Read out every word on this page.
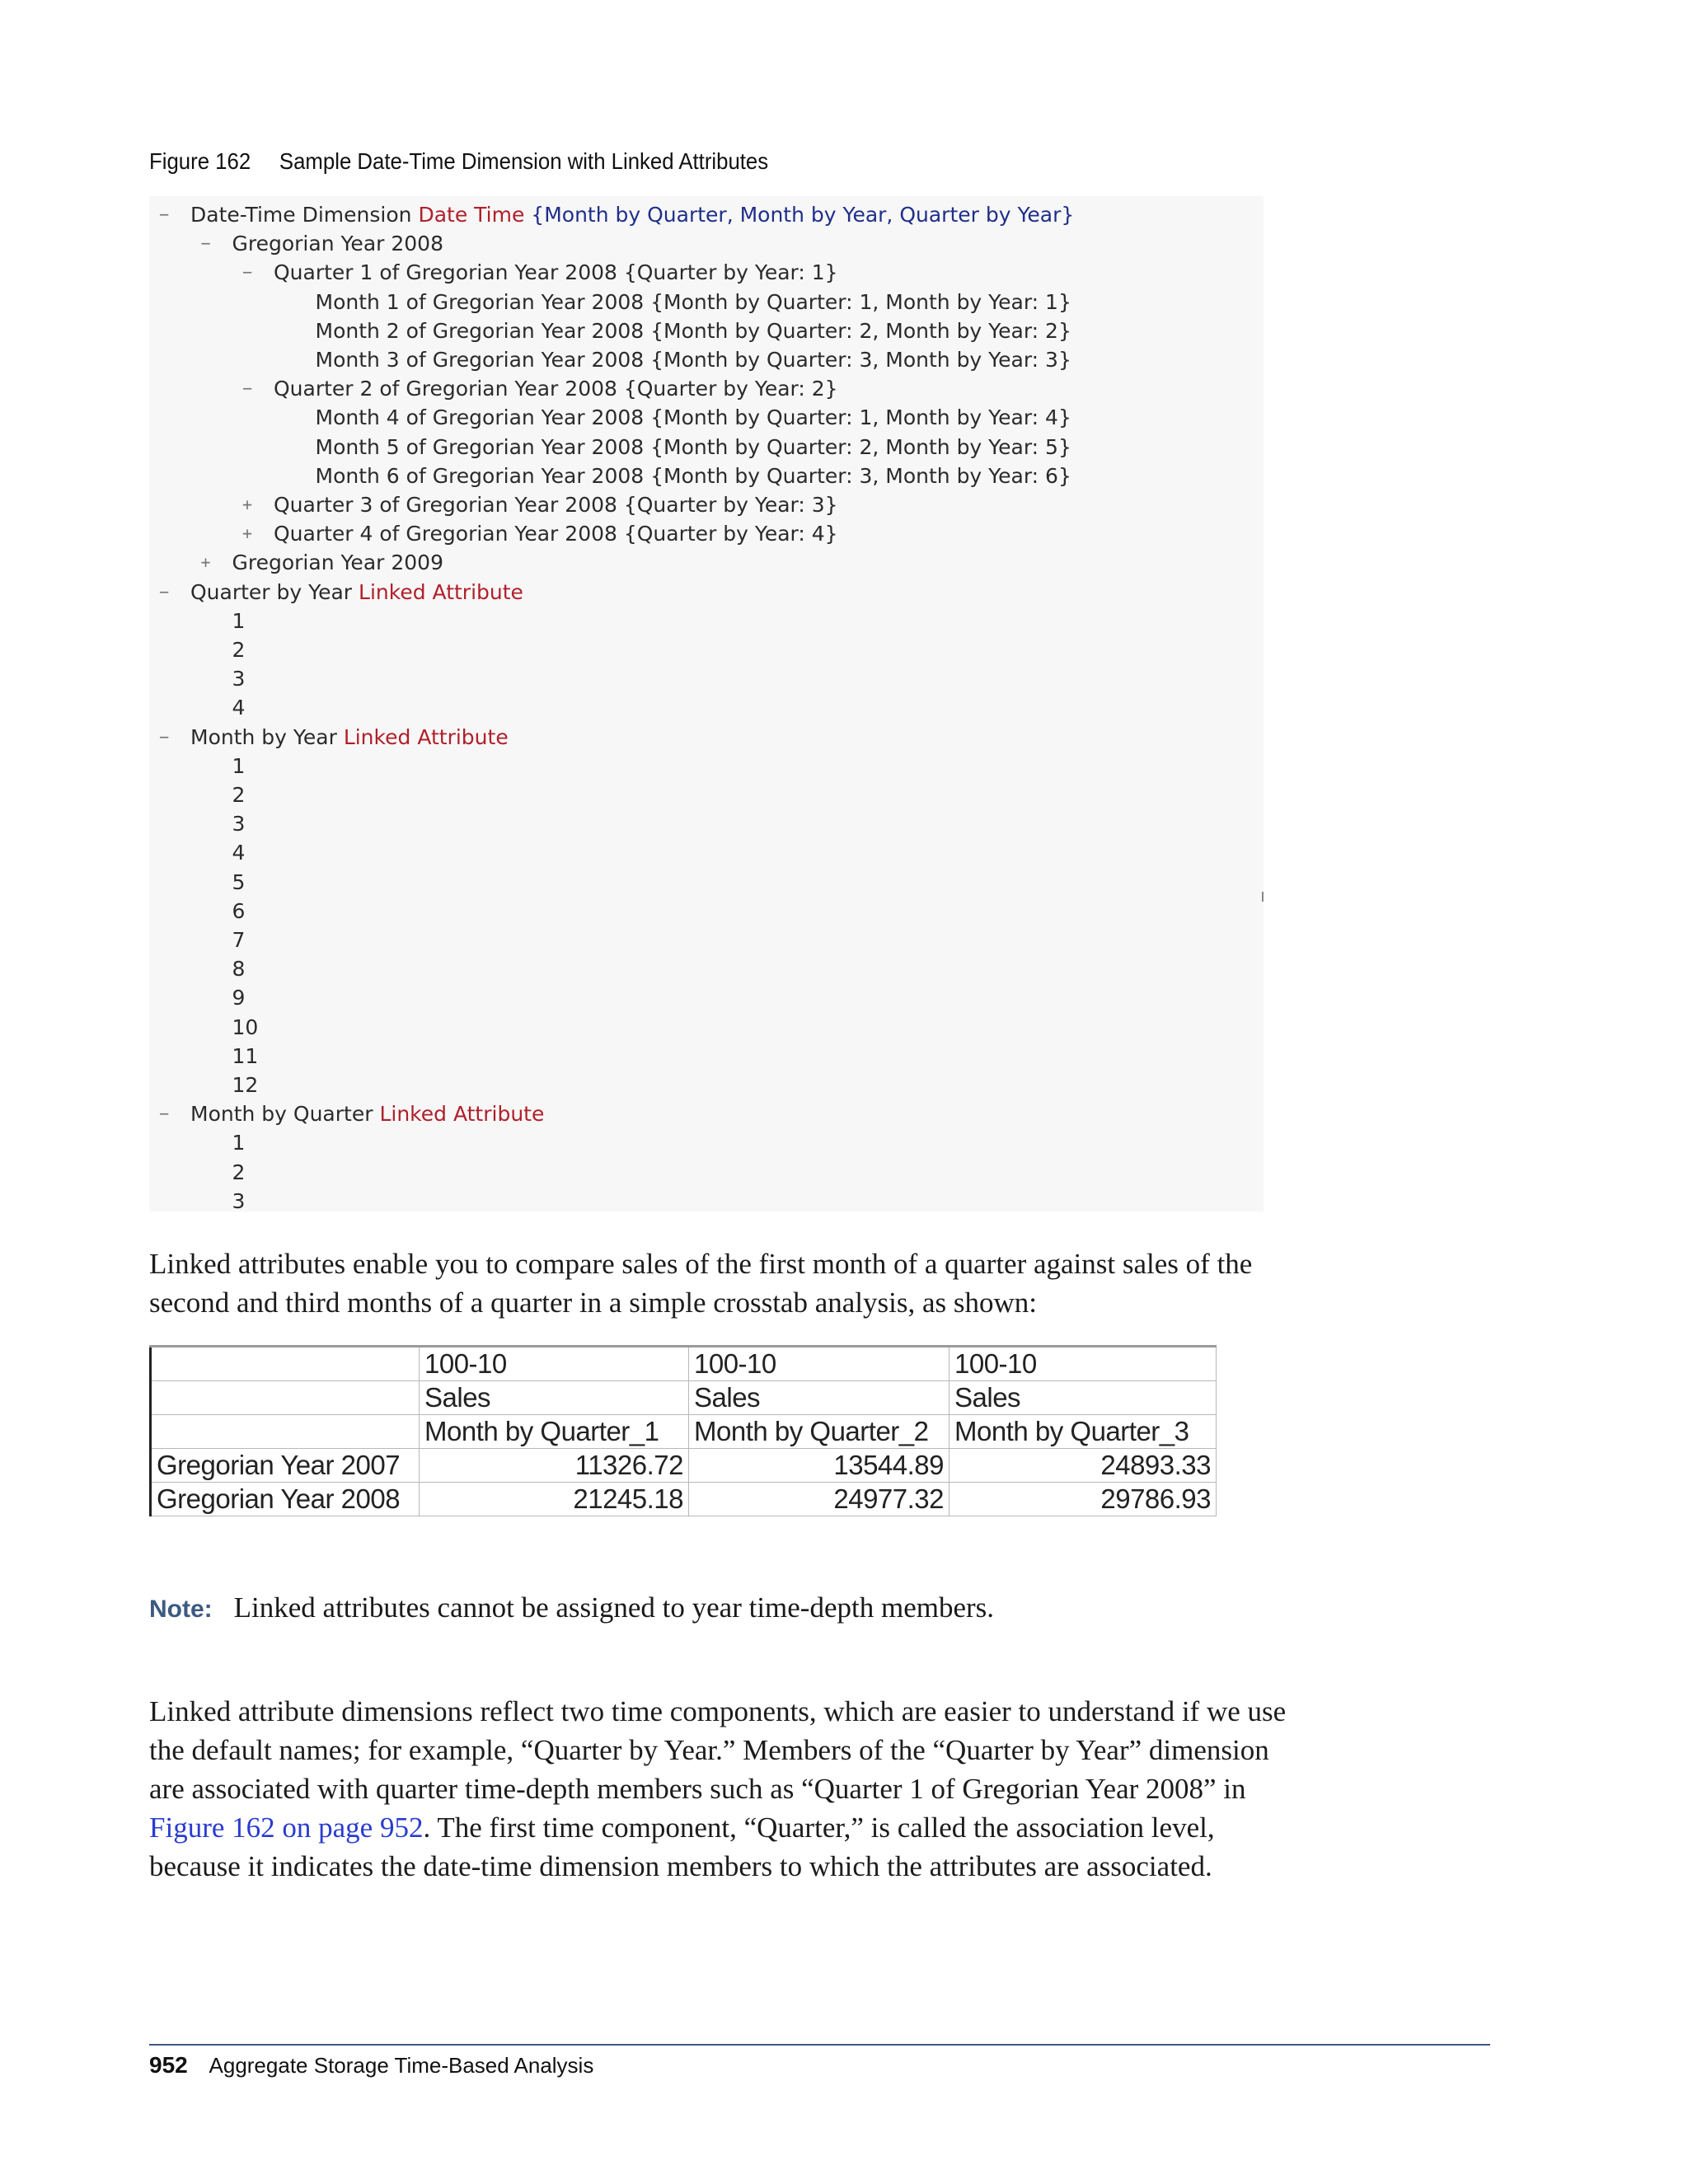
Figure 162 Sample Date-Time Dimension with Linked Attributes
−
Date-Time Dimension Date Time {Month by Quarter, Month by Year, Quarter by Year}
−
Gregorian Year 2008
−
Quarter 1 of Gregorian Year 2008 {Quarter by Year: 1}
Month 1 of Gregorian Year 2008 {Month by Quarter: 1, Month by Year: 1}
Month 2 of Gregorian Year 2008 {Month by Quarter: 2, Month by Year: 2}
Month 3 of Gregorian Year 2008 {Month by Quarter: 3, Month by Year: 3}
−
Quarter 2 of Gregorian Year 2008 {Quarter by Year: 2}
Month 4 of Gregorian Year 2008 {Month by Quarter: 1, Month by Year: 4}
Month 5 of Gregorian Year 2008 {Month by Quarter: 2, Month by Year: 5}
Month 6 of Gregorian Year 2008 {Month by Quarter: 3, Month by Year: 6}
+
Quarter 3 of Gregorian Year 2008 {Quarter by Year: 3}
+
Quarter 4 of Gregorian Year 2008 {Quarter by Year: 4}
+
Gregorian Year 2009
−
Quarter by Year Linked Attribute
1
2
3
4
−
Month by Year Linked Attribute
1
2
3
4
5
6
7
8
9
10
11
12
−
Month by Quarter Linked Attribute
1
2
3
Linked attributes enable you to compare sales of the first month of a quarter against sales of the second and third months of a quarter in a simple crosstab analysis, as shown:
	100-10	100-10	100-10
	Sales	Sales	Sales
	Month by Quarter_1	Month by Quarter_2	Month by Quarter_3
Gregorian Year 2007	11326.72	13544.89	24893.33
Gregorian Year 2008	21245.18	24977.32	29786.93
Note: Linked attributes cannot be assigned to year time-depth members.
Linked attribute dimensions reflect two time components, which are easier to understand if we use the default names; for example, “Quarter by Year.” Members of the “Quarter by Year” dimension are associated with quarter time-depth members such as “Quarter 1 of Gregorian Year 2008” in Figure 162 on page 952. The first time component, “Quarter,” is called the association level, because it indicates the date-time dimension members to which the attributes are associated.
952 Aggregate Storage Time-Based Analysis
